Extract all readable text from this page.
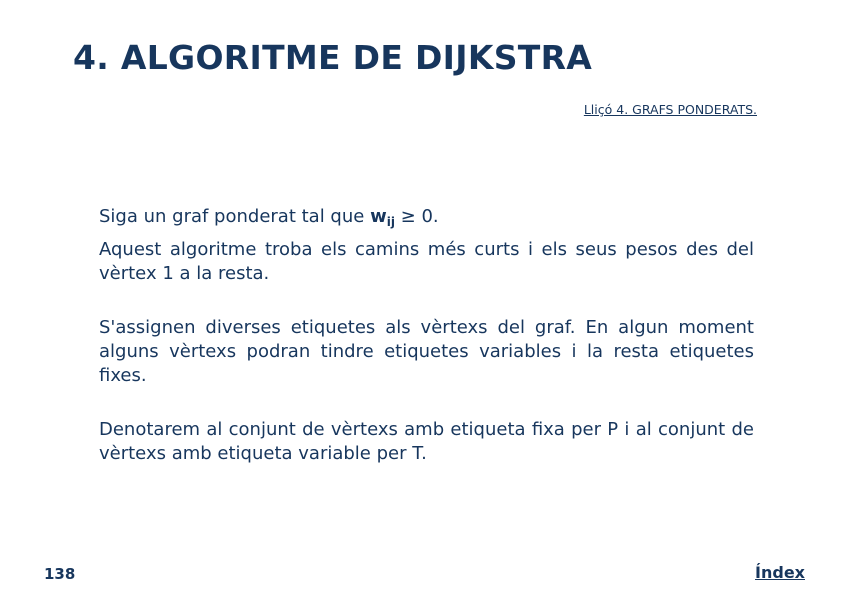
4. ALGORITME DE DIJKSTRA
Lliçó 4. GRAFS PONDERATS.

Siga un graf ponderat tal que $w_{ij} \ge 0$.

Aquest algoritme troba els camins més curts i els seus pesos des del vèrtex 1 a la resta.

S'assignen diverses etiquetes als vèrtexs del graf. En algun moment alguns vèrtexs podran tindre etiquetes variables i la resta etiquetes fixes.

Denotarem al conjunt de vèrtexs amb etiqueta fixa per P i al conjunt de vèrtexs amb etiqueta variable per T.

138	Índex
